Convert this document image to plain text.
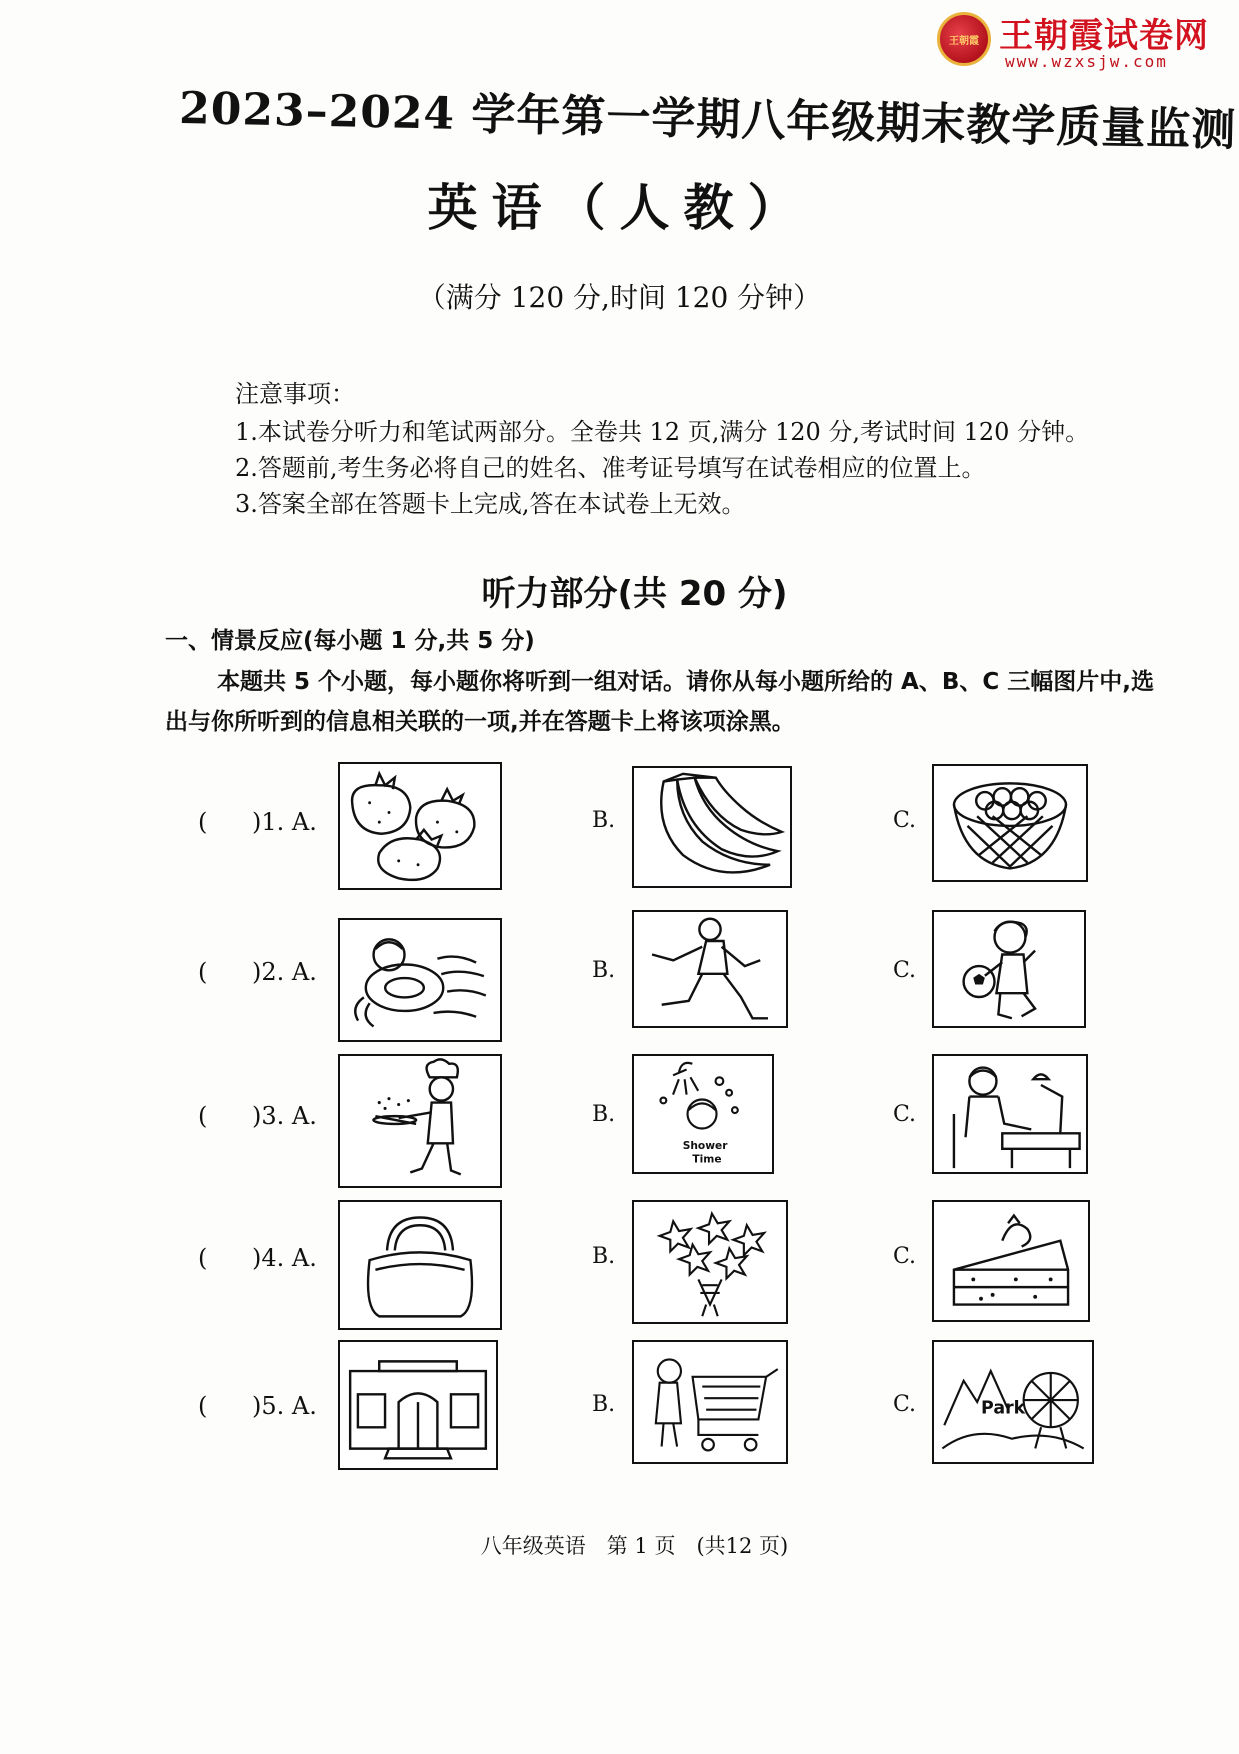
王朝霞 王朝霞试卷网
www.wzxsjw.com
2023–2024 学年第一学期八年级期末教学质量监测
英语（人教）
（满分 120 分,时间 120 分钟）
注意事项：
1.本试卷分听力和笔试两部分。全卷共 12 页,满分 120 分,考试时间 120 分钟。
2.答题前,考生务必将自己的姓名、准考证号填写在试卷相应的位置上。
3.答案全部在答题卡上完成,答在本试卷上无效。
听力部分(共 20 分)
一、情景反应(每小题 1 分,共 5 分)
本题共 5 个小题，每小题你将听到一组对话。请你从每小题所给的 A、B、C 三幅图片中,选出与你所听到的信息相关联的一项,并在答题卡上将该项涂黑。
( )1. A.	B.	C.
( )2. A.	B.	C.
( )3. A.	B.
Shower
Time
C.
( )4. A.	B.	C.
( )5. A.	B.	C.	Park
八年级英语　第 1 页　(共12 页)
